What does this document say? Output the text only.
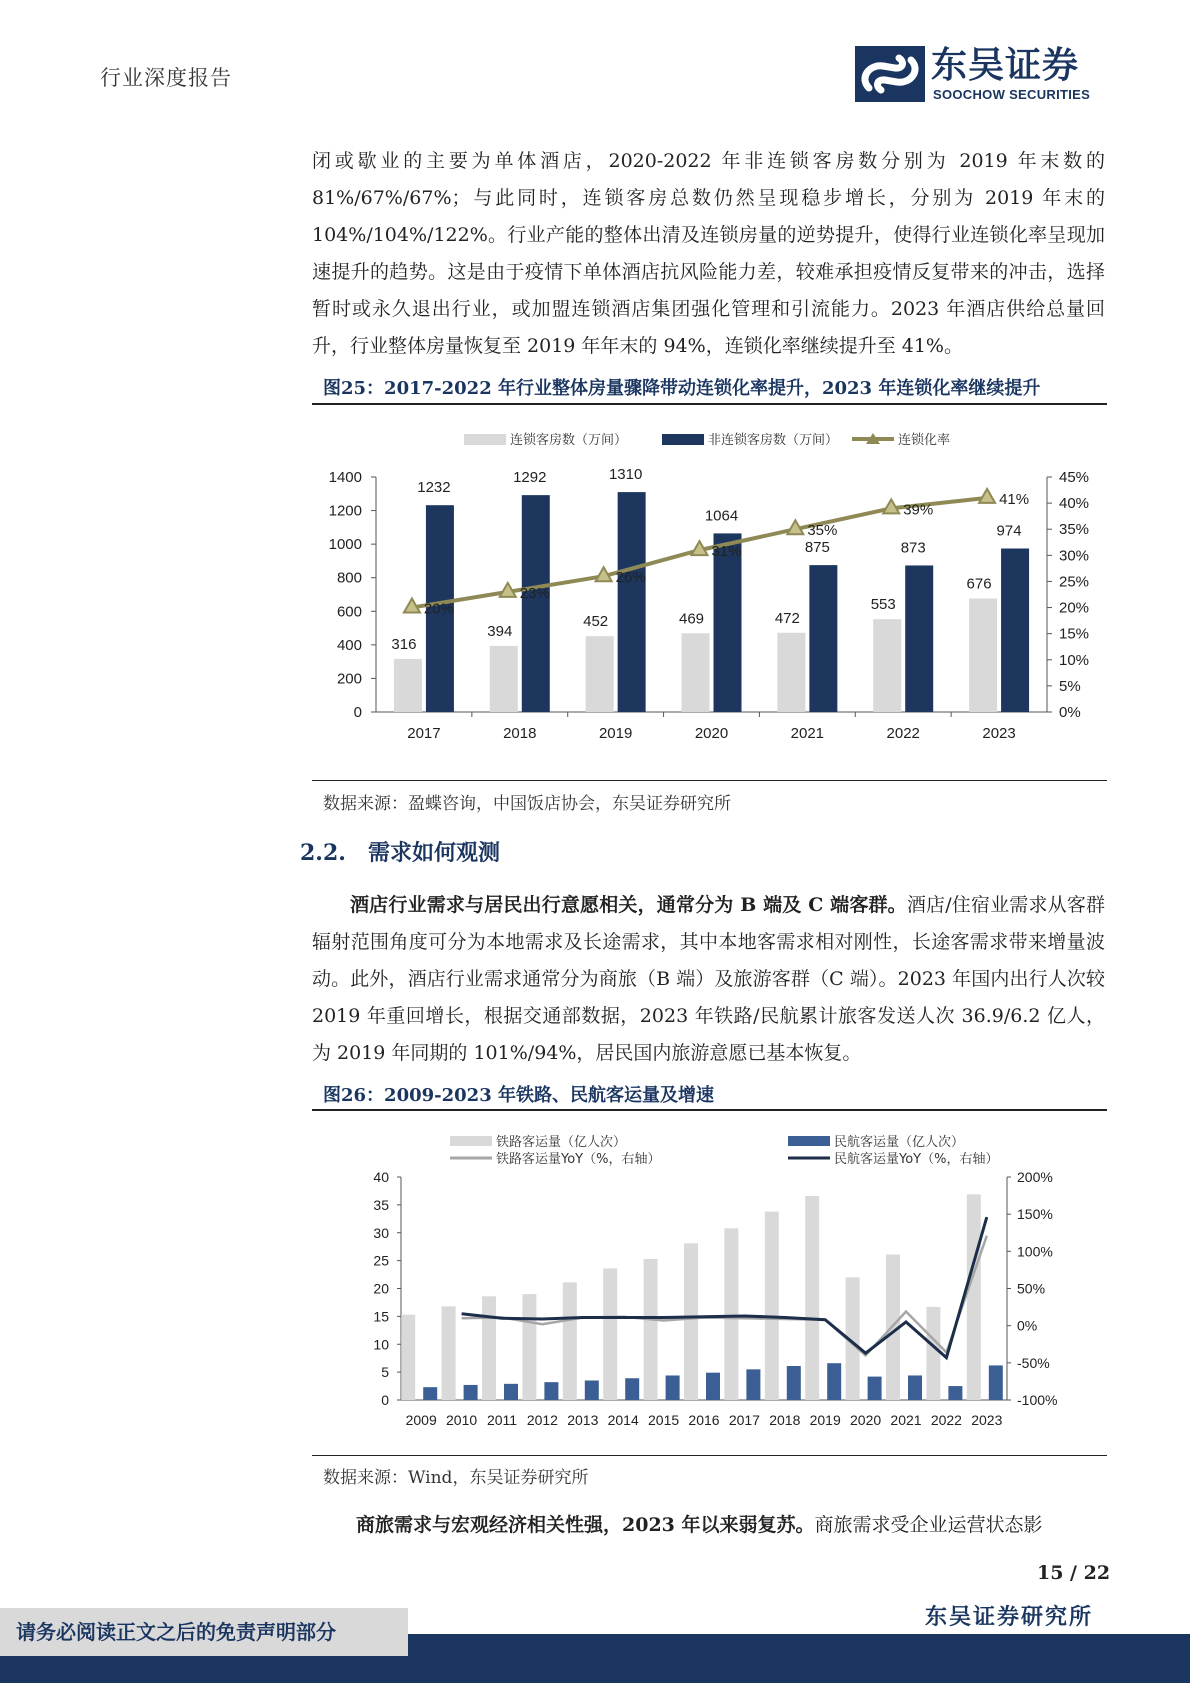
行业深度报告	东吴证券
SOOCHOW SECURITIES

闭或歇业的主要为单体酒店，2020-2022 年非连锁客房数分别为 2019 年末数的 81%/67%/67%；与此同时，连锁客房总数仍然呈现稳步增长，分别为 2019 年末的 104%/104%/122%。行业产能的整体出清及连锁房量的逆势提升，使得行业连锁化率呈现加速提升的趋势。这是由于疫情下单体酒店抗风险能力差，较难承担疫情反复带来的冲击，选择暂时或永久退出行业，或加盟连锁酒店集团强化管理和引流能力。2023 年酒店供给总量回升，行业整体房量恢复至 2019 年年末的 94%，连锁化率继续提升至 41%。

图25：2017-2022 年行业整体房量骤降带动连锁化率提升，2023 年连锁化率继续提升
连锁客房数（万间）	非连锁客房数（万间）	连锁化率
0
200
400
600
800
1000
1200
1400
0%
5%
10%
15%
20%
25%
30%
35%
40%
45%
2017
316
1232
2018
394
1292
2019
452
1310
2020
469
1064
2021
472
875
2022
553
873
2023
676
974
20%
23%
26%
31%
35%
39%
41%
数据来源：盈蝶咨询，中国饭店协会，东吴证券研究所
2.2. 需求如何观测

酒店行业需求与居民出行意愿相关，通常分为 B 端及 C 端客群。酒店/住宿业需求从客群辐射范围角度可分为本地需求及长途需求，其中本地客需求相对刚性，长途客需求带来增量波动。此外，酒店行业需求通常分为商旅（B 端）及旅游客群（C 端）。2023 年国内出行人次较 2019 年重回增长，根据交通部数据，2023 年铁路/民航累计旅客发送人次 36.9/6.2 亿人，为 2019 年同期的 101%/94%，居民国内旅游意愿已基本恢复。

图26：2009-2023 年铁路、民航客运量及增速
铁路客运量（亿人次）	民航客运量（亿人次）
铁路客运量YoY（%，右轴）	民航客运量YoY（%，右轴）
0
5
10
15
20
25
30
35
40
-100%
-50%
0%
50%
100%
150%
200%
2009 2010 2011 2012 2013 2014 2015 2016 2017 2018 2019 2020 2021 2022 2023
数据来源：Wind，东吴证券研究所

商旅需求与宏观经济相关性强，2023 年以来弱复苏。商旅需求受企业运营状态影

15 / 22
东吴证券研究所
请务必阅读正文之后的免责声明部分
